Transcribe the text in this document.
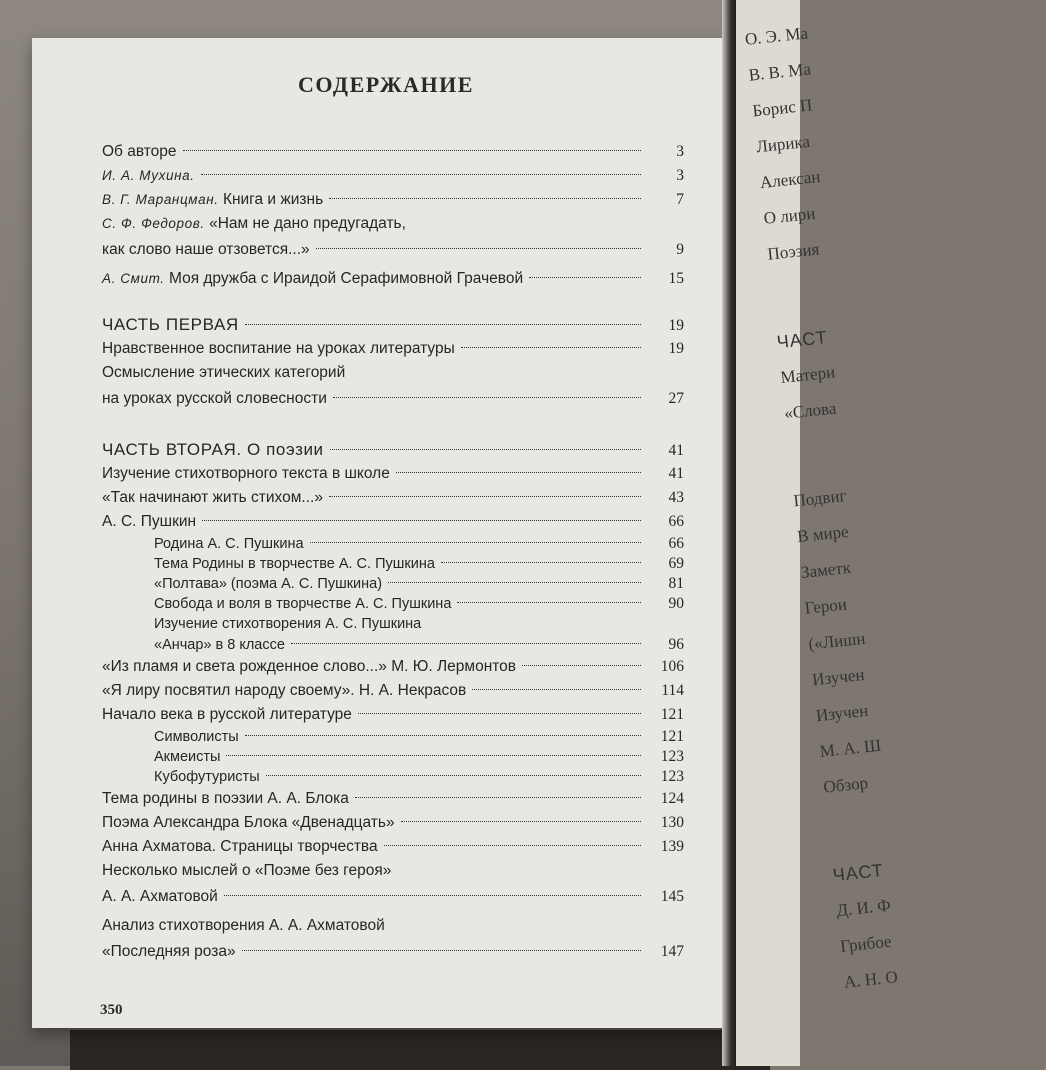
О. Э. Ма
В. В. Ма
Борис П
Лирика
Алексан
О лири
Поэзия
ЧАСТ
Матери
«Слова
Подвиг
В мире
Заметк
Герои
(«Лишн
Изучен
Изучен
М. А. Ш
Обзор
ЧАСТ
Д. И. Ф
Грибое
А. Н. О
СОДЕРЖАНИЕ
Об авторе	3
И. А. Мухина.	3
В. Г. Маранцман. Книга и жизнь	7
С. Ф. Федоров. «Нам не дано предугадать,
как слово наше отзовется...»	9
А. Смит. Моя дружба с Ираидой Серафимовной Грачевой	15
ЧАСТЬ ПЕРВАЯ	19
Нравственное воспитание на уроках литературы	19
Осмысление этических категорий
на уроках русской словесности	27
ЧАСТЬ ВТОРАЯ. О поэзии	41
Изучение стихотворного текста в школе	41
«Так начинают жить стихом...»	43
А. С. Пушкин	66
Родина А. С. Пушкина	66
Тема Родины в творчестве А. С. Пушкина	69
«Полтава» (поэма А. С. Пушкина)	81
Свобода и воля в творчестве А. С. Пушкина	90
Изучение стихотворения А. С. Пушкина
«Анчар» в 8 классе	96
«Из пламя и света рожденное слово...» М. Ю. Лермонтов	106
«Я лиру посвятил народу своему». Н. А. Некрасов	114
Начало века в русской литературе	121
Символисты	121
Акмеисты	123
Кубофутуристы	123
Тема родины в поэзии А. А. Блока	124
Поэма Александра Блока «Двенадцать»	130
Анна Ахматова. Страницы творчества	139
Несколько мыслей о «Поэме без героя»
А. А. Ахматовой	145
Анализ стихотворения А. А. Ахматовой
«Последняя роза»	147
350
